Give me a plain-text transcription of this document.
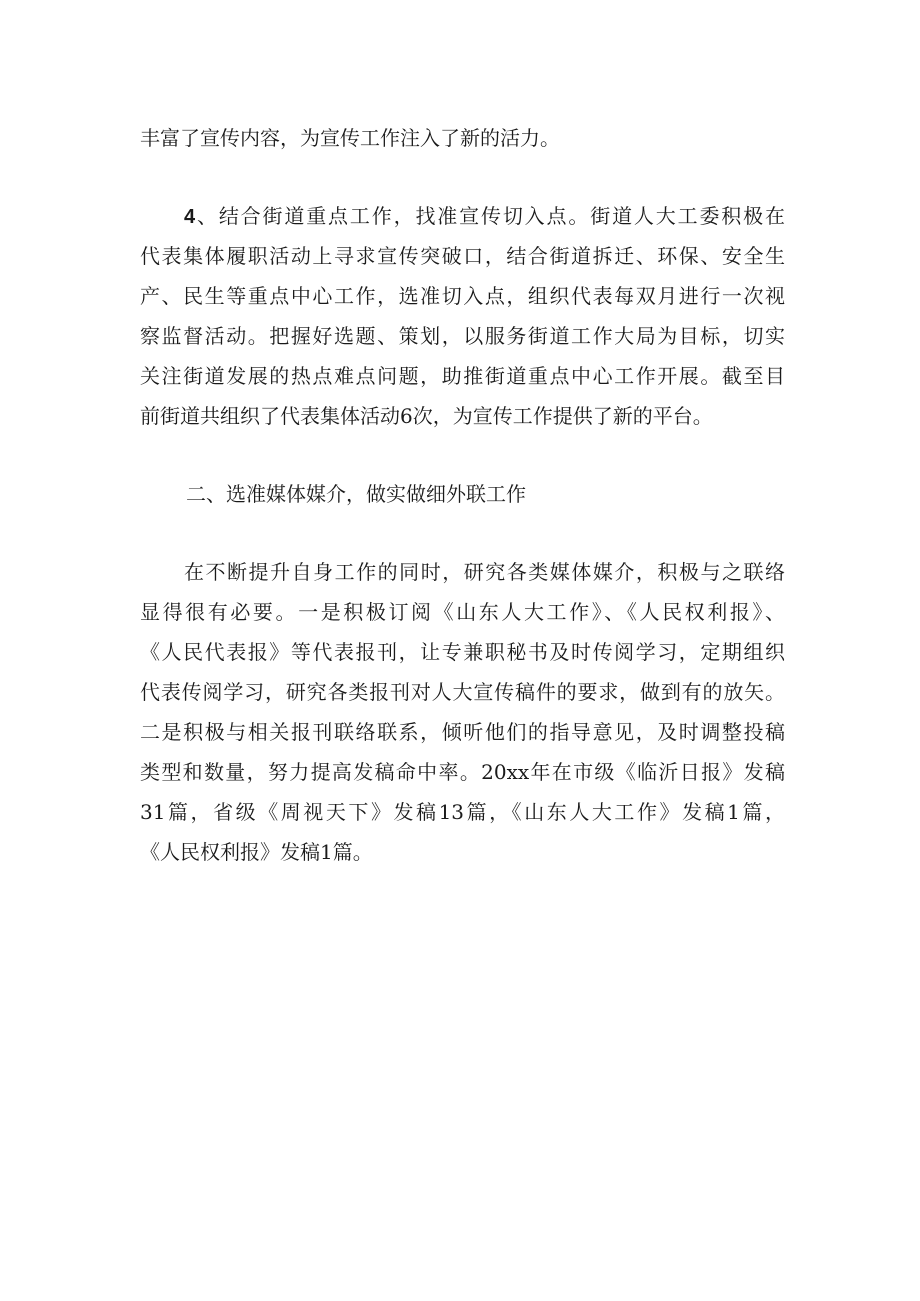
丰富了宣传内容，为宣传工作注入了新的活力。
4、结合街道重点工作，找准宣传切入点。街道人大工委积极在
代表集体履职活动上寻求宣传突破口，结合街道拆迁、环保、安全生
产、民生等重点中心工作，选准切入点，组织代表每双月进行一次视
察监督活动。把握好选题、策划，以服务街道工作大局为目标，切实
关注街道发展的热点难点问题，助推街道重点中心工作开展。截至目
前街道共组织了代表集体活动6次，为宣传工作提供了新的平台。
二、选准媒体媒介，做实做细外联工作
在不断提升自身工作的同时，研究各类媒体媒介，积极与之联络
显得很有必要。一是积极订阅《山东人大工作》、《人民权利报》、
《人民代表报》等代表报刊，让专兼职秘书及时传阅学习，定期组织
代表传阅学习，研究各类报刊对人大宣传稿件的要求，做到有的放矢。
二是积极与相关报刊联络联系，倾听他们的指导意见，及时调整投稿
类型和数量，努力提高发稿命中率。20xx年在市级《临沂日报》发稿
31篇，省级《周视天下》发稿13篇，《山东人大工作》发稿1篇，
《人民权利报》发稿1篇。
